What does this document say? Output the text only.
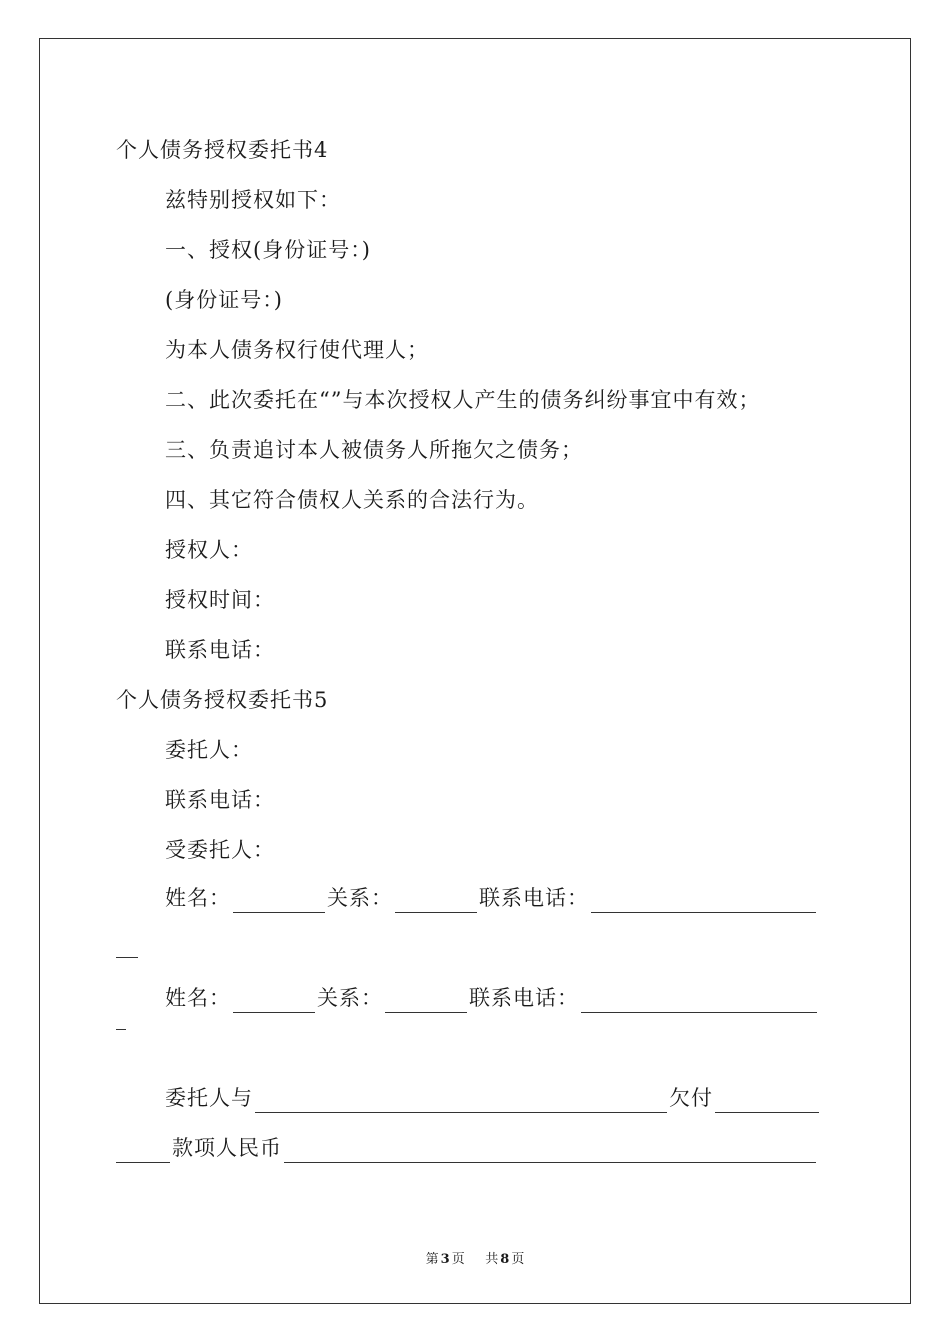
个人债务授权委托书4
兹特别授权如下：
一、授权(身份证号：)
(身份证号：)
为本人债务权行使代理人；
二、此次委托在“”与本次授权人产生的债务纠纷事宜中有效；
三、负责追讨本人被债务人所拖欠之债务；
四、其它符合债权人关系的合法行为。
授权人：
授权时间：
联系电话：
个人债务授权委托书5
委托人：
联系电话：
受委托人：
姓名：	关系：	联系电话：
姓名：	关系：	联系电话：
委托人与	欠付
款项人民币
第 3 页 共 8 页
